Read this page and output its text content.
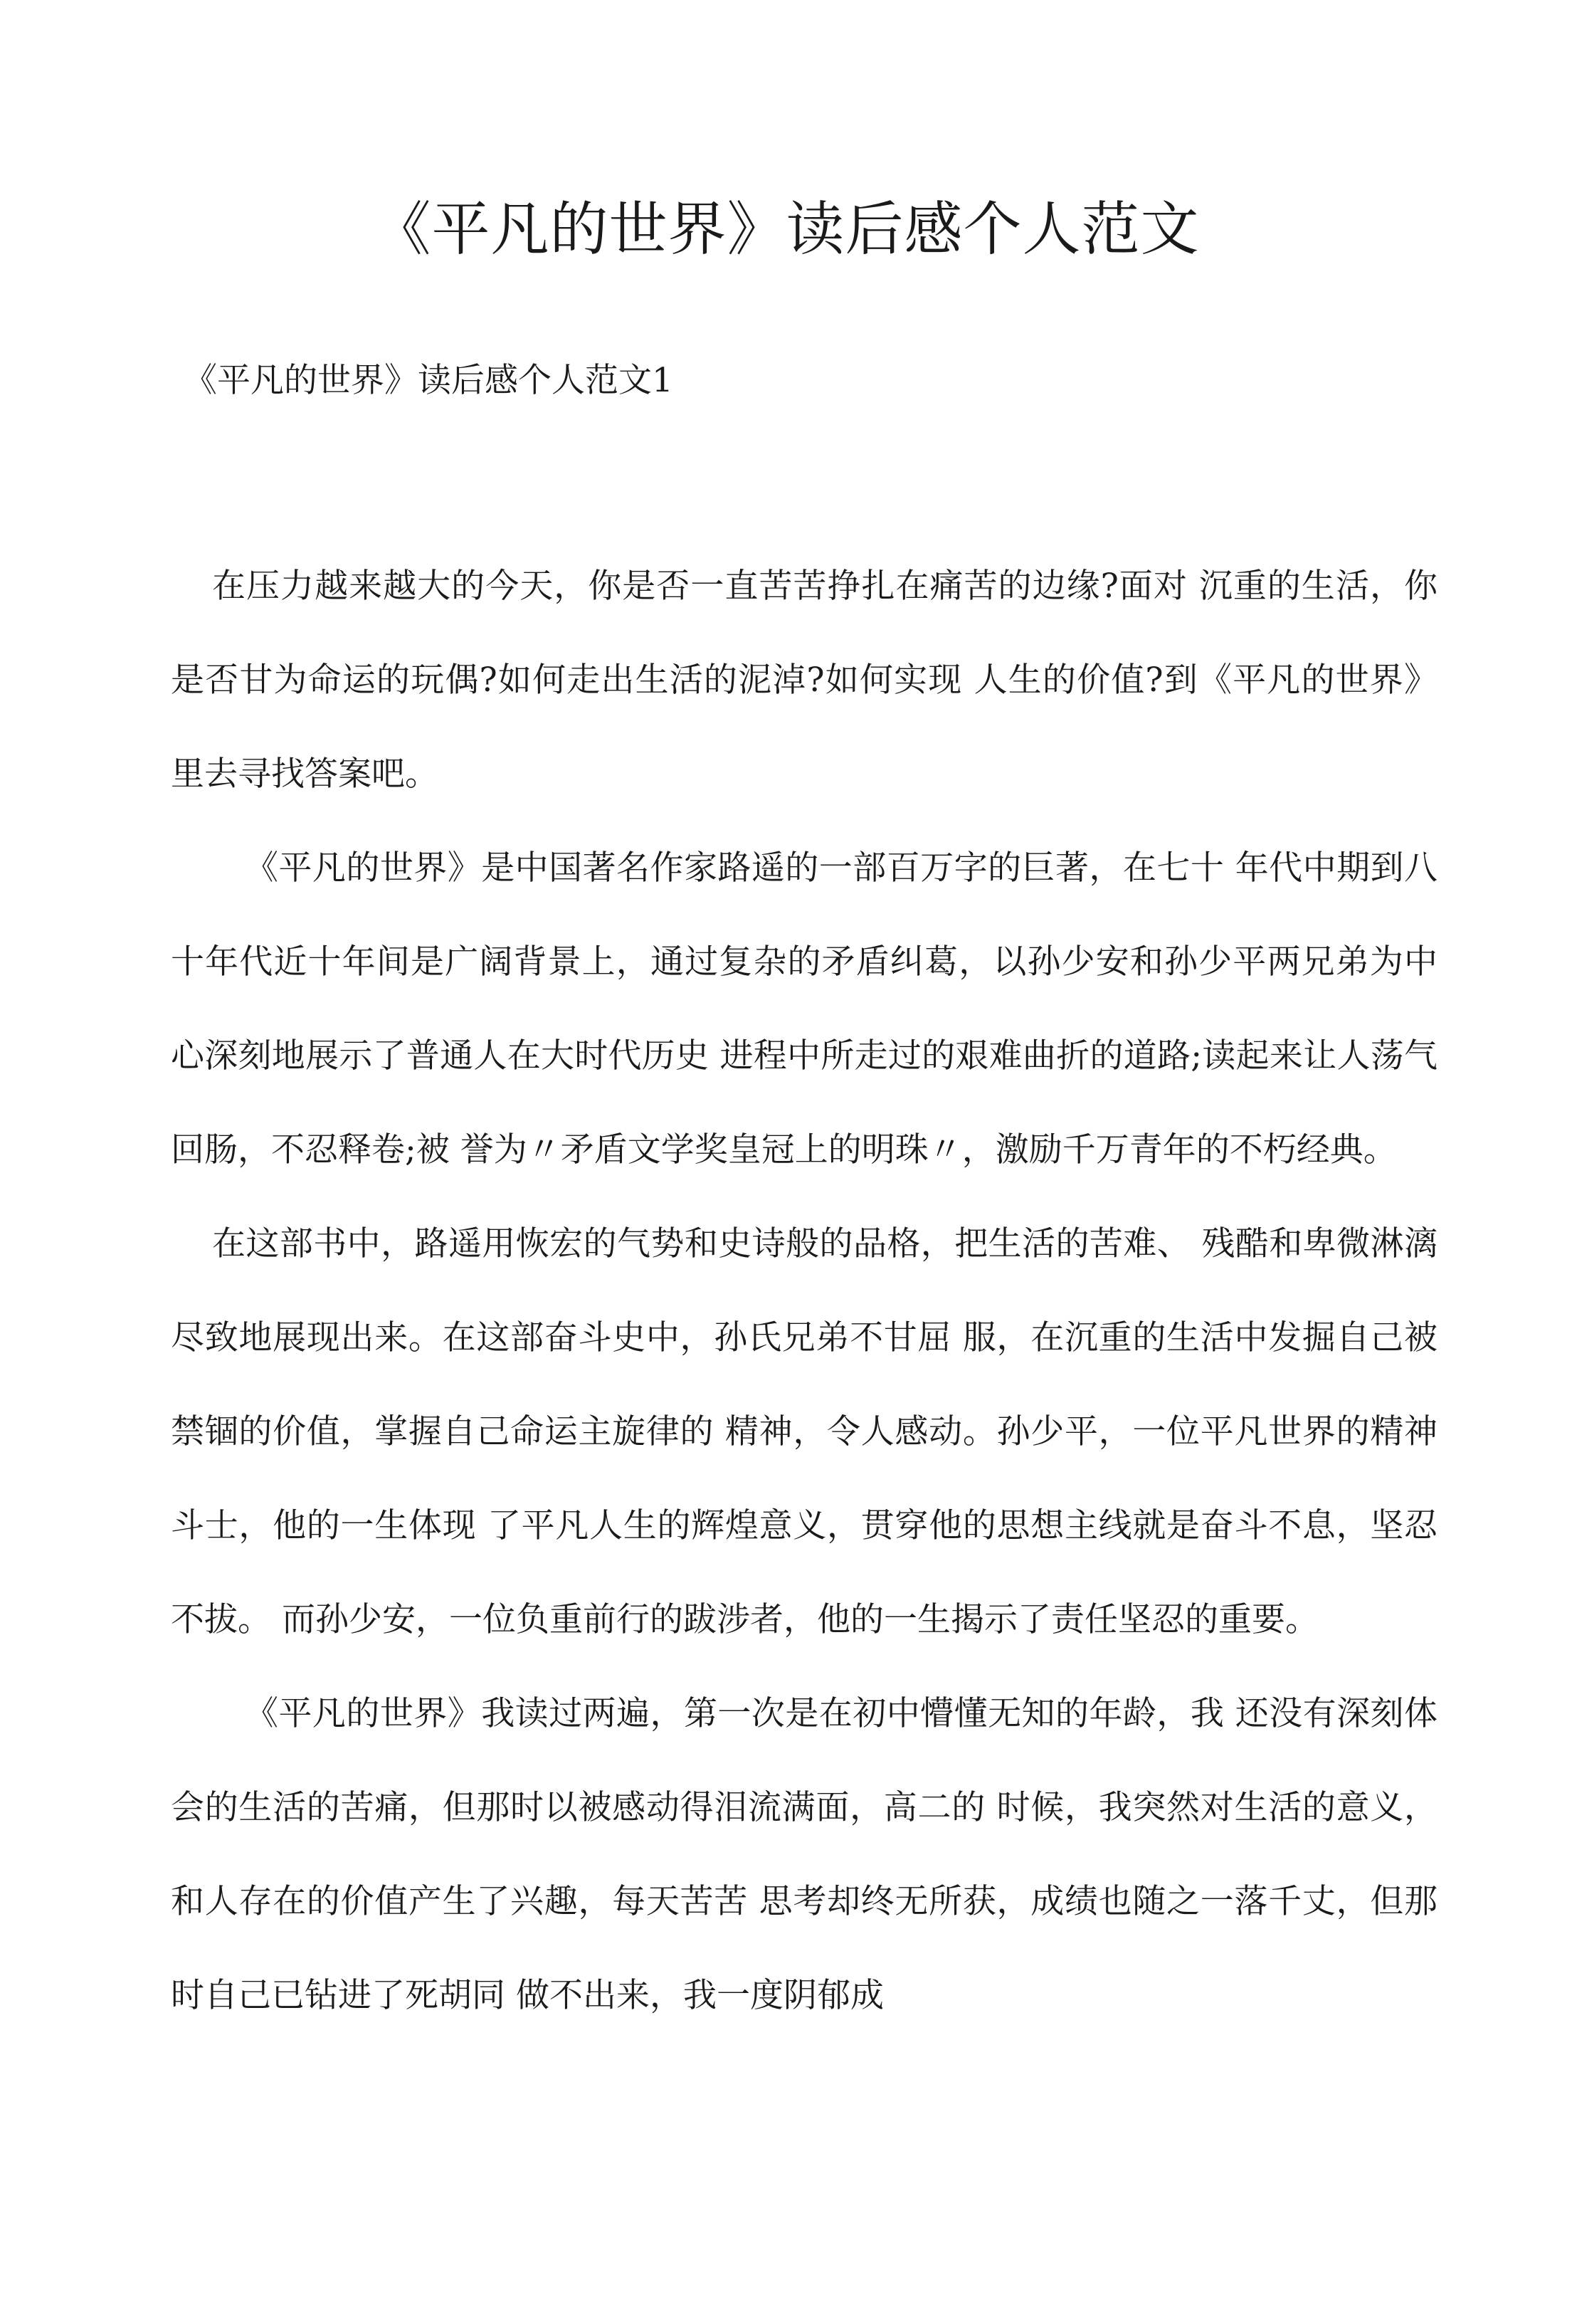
《平凡的世界》读后感个人范文

《平凡的世界》读后感个人范文1

在压力越来越大的今天，你是否一直苦苦挣扎在痛苦的边缘?面对 沉重的生活，你是否甘为命运的玩偶?如何走出生活的泥淖?如何实现 人生的价值?到《平凡的世界》里去寻找答案吧。

《平凡的世界》是中国著名作家路遥的一部百万字的巨著，在七十 年代中期到八十年代近十年间是广阔背景上，通过复杂的矛盾纠葛，以孙少安和孙少平两兄弟为中心深刻地展示了普通人在大时代历史 进程中所走过的艰难曲折的道路;读起来让人荡气回肠，不忍释卷;被 誉为〃矛盾文学奖皇冠上的明珠〃，激励千万青年的不朽经典。

在这部书中，路遥用恢宏的气势和史诗般的品格，把生活的苦难、 残酷和卑微淋漓尽致地展现出来。在这部奋斗史中，孙氏兄弟不甘屈 服，在沉重的生活中发掘自己被禁锢的价值，掌握自己命运主旋律的 精神，令人感动。孙少平，一位平凡世界的精神斗士，他的一生体现 了平凡人生的辉煌意义，贯穿他的思想主线就是奋斗不息，坚忍不拔。 而孙少安，一位负重前行的跋涉者，他的一生揭示了责任坚忍的重要。

《平凡的世界》我读过两遍，第一次是在初中懵懂无知的年龄，我 还没有深刻体会的生活的苦痛，但那时以被感动得泪流满面，高二的 时候，我突然对生活的意义，和人存在的价值产生了兴趣，每天苦苦 思考却终无所获，成绩也随之一落千丈，但那时自己已钻进了死胡同 做不出来，我一度阴郁成
